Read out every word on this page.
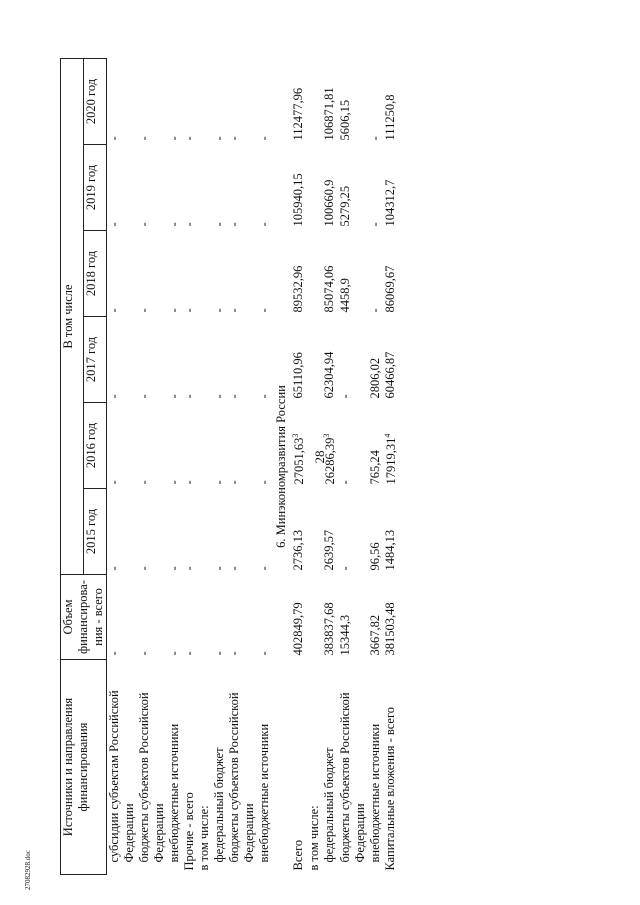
28
Источники и направления финансирования	Объем финансирова-ния - всего	В том числе					
		2015 год	2016 год	2017 год	2018 год	2019 год	2020 год
субсидии субъектам Российской Федерации	-	-	-	-	-	-	-
бюджеты субъектов Российской Федерации	-	-	-	-	-	-	-
внебюджетные источники	-	-	-	-	-	-	-
Прочие - всего	-	-	-	-	-	-	-
в том числе:							
федеральный бюджет	-	-	-	-	-	-	-
бюджеты субъектов Российской Федерации	-	-	-	-	-	-	-
внебюджетные источники	-	-	-	-	-	-	-
6. Минэкономразвития России							
Всего	402849,79	2736,13	27051,63$^3$	65110,96	89532,96	105940,15	112477,96
в том числе:							
федеральный бюджет	383837,68	2639,57	26286,39$^3$	62304,94	85074,06	100660,9	106871,81
бюджеты субъектов Российской Федерации	15344,3	-	-	-	4458,9	5279,25	5606,15
внебюджетные источники	3667,82	96,56	765,24	2806,02	-	-	-
Капитальные вложения - всего	381503,48	1484,13	17919,31$^4$	60466,87	86069,67	104312,7	111250,8
27082928.doc
